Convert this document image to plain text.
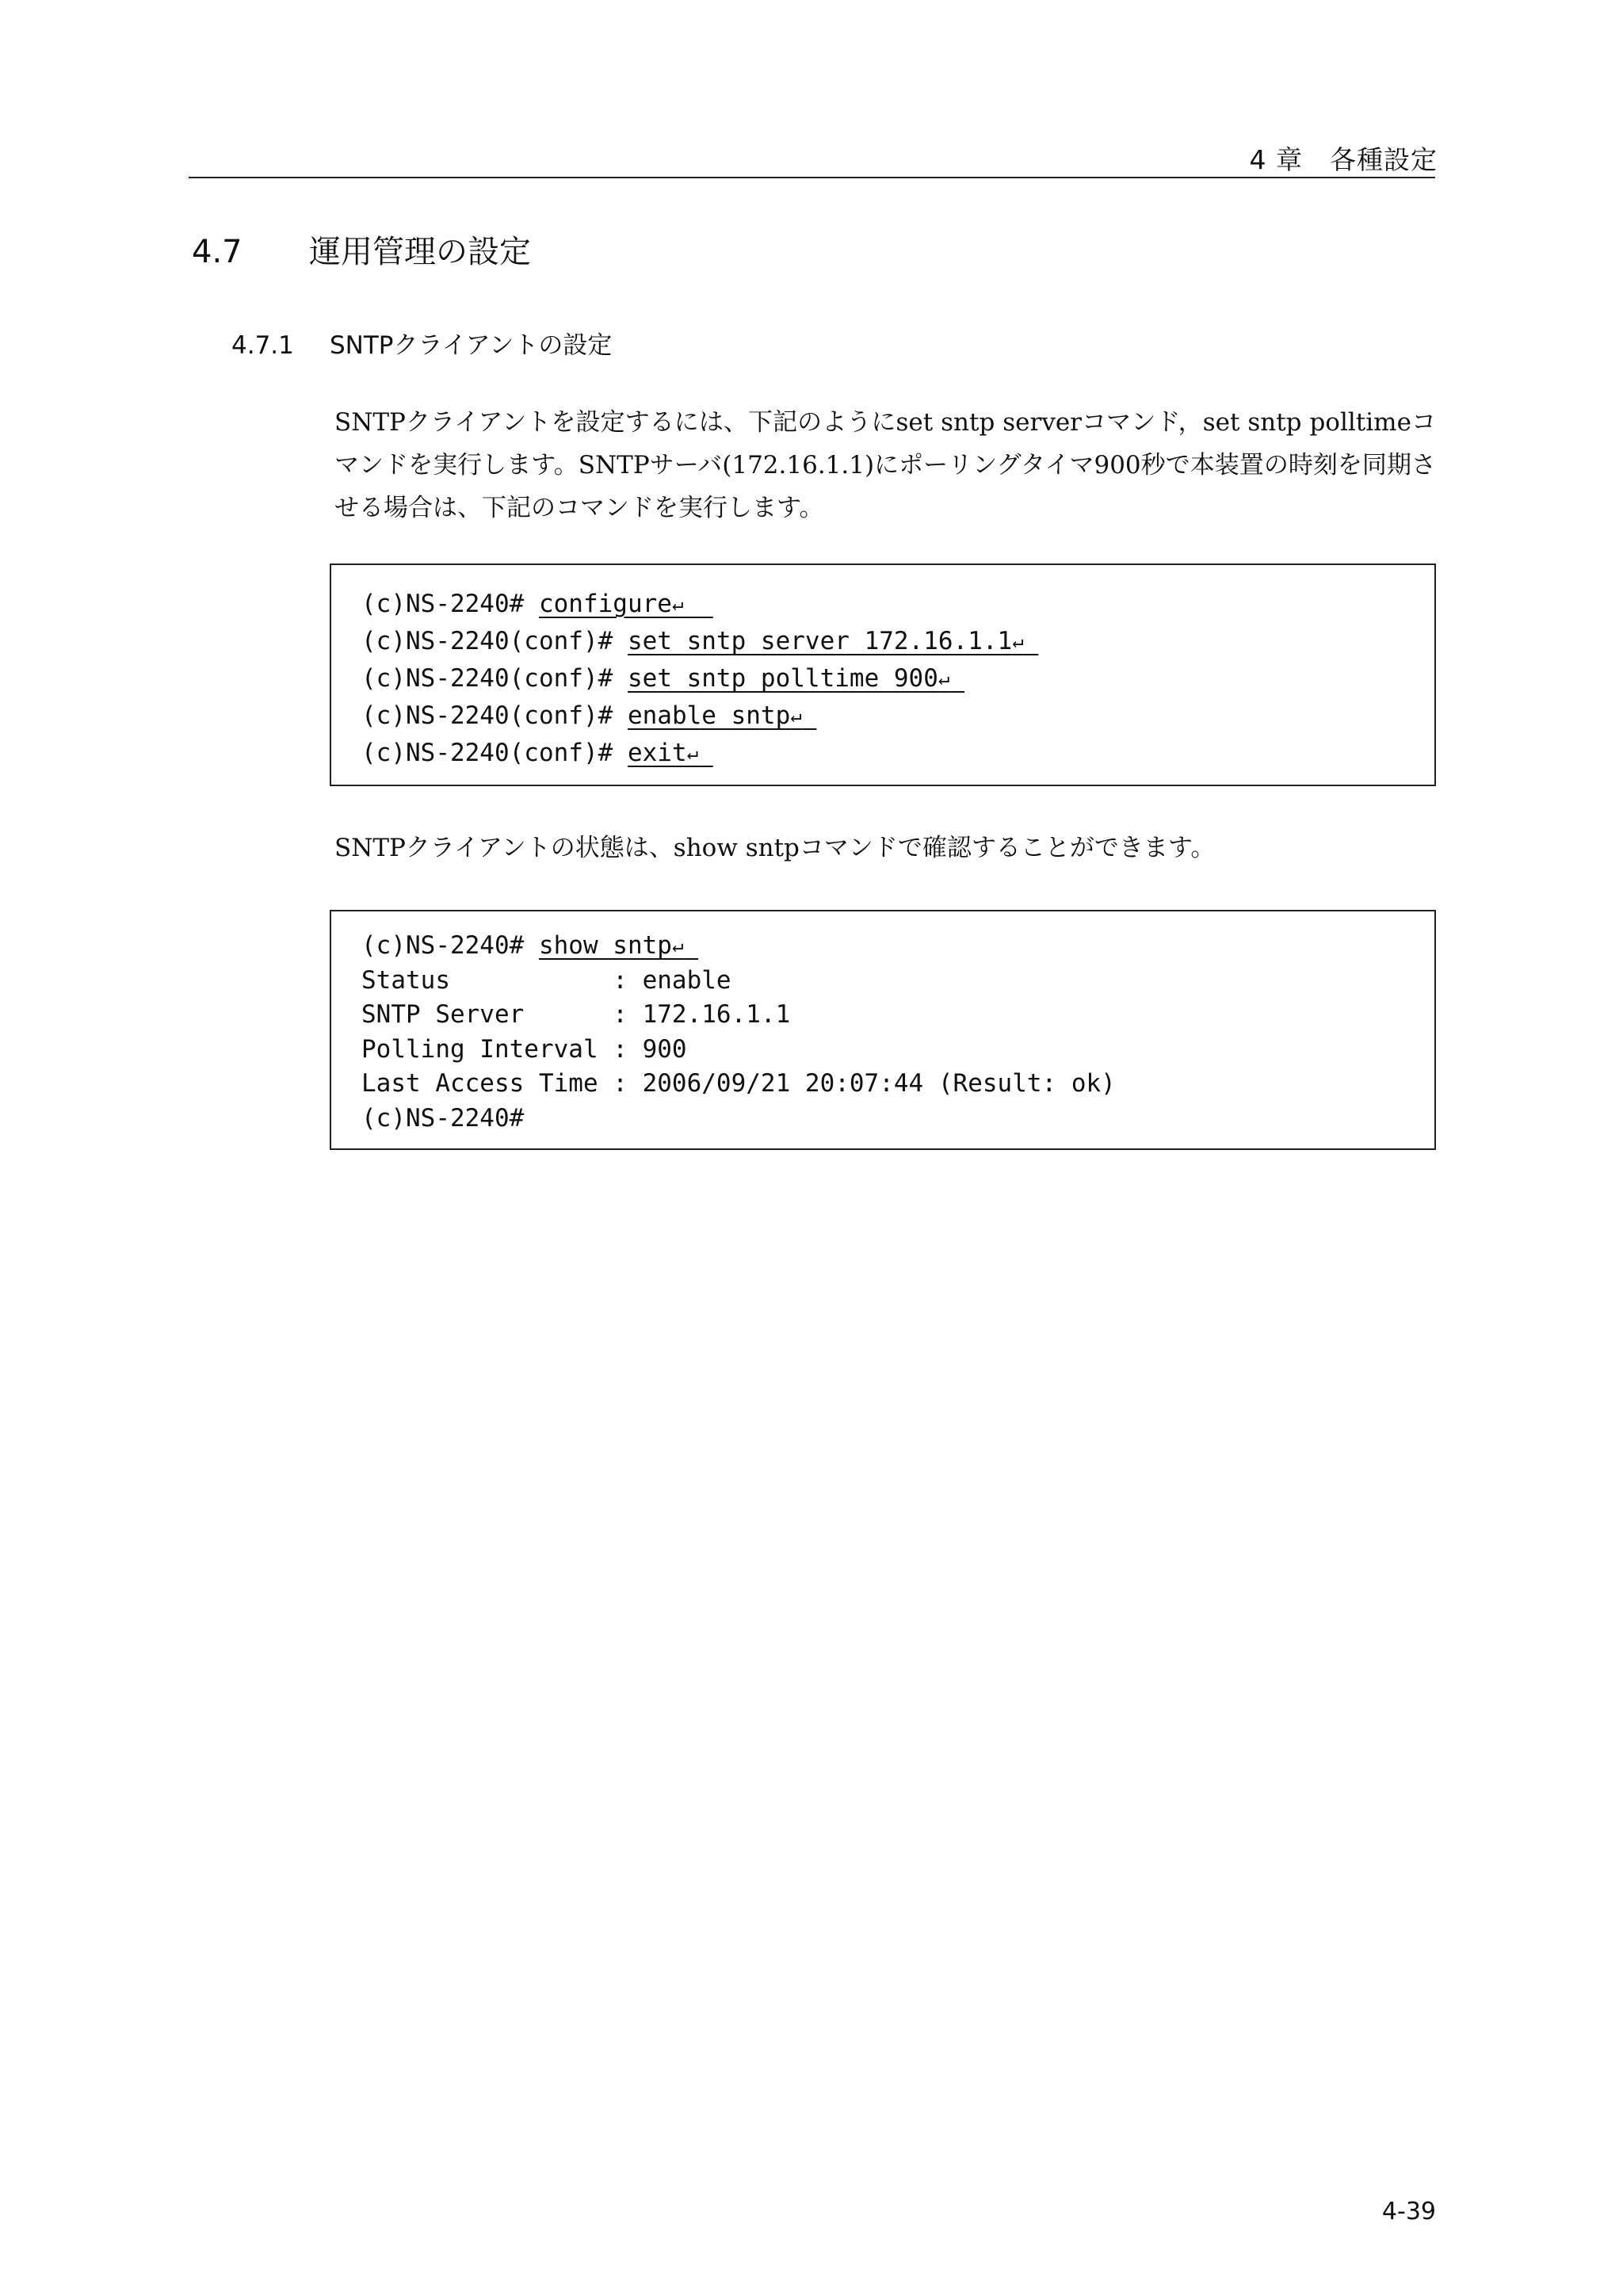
4 章　各種設定
4.7 運用管理の設定
4.7.1 SNTPクライアントの設定
SNTPクライアントを設定するには、下記のようにset sntp serverコマンド，set sntp polltimeコマンドを実行します。SNTPサーバ(172.16.1.1)にポーリングタイマ900秒で本装置の時刻を同期させる場合は、下記のコマンドを実行します。
(c)NS-2240# configure↵
(c)NS-2240(conf)# set sntp server 172.16.1.1↵
(c)NS-2240(conf)# set sntp polltime 900↵
(c)NS-2240(conf)# enable sntp↵
(c)NS-2240(conf)# exit↵
SNTPクライアントの状態は、show sntpコマンドで確認することができます。
(c)NS-2240# show sntp↵
Status           : enable
SNTP Server      : 172.16.1.1
Polling Interval : 900
Last Access Time : 2006/09/21 20:07:44 (Result: ok)
(c)NS-2240#
4-39
